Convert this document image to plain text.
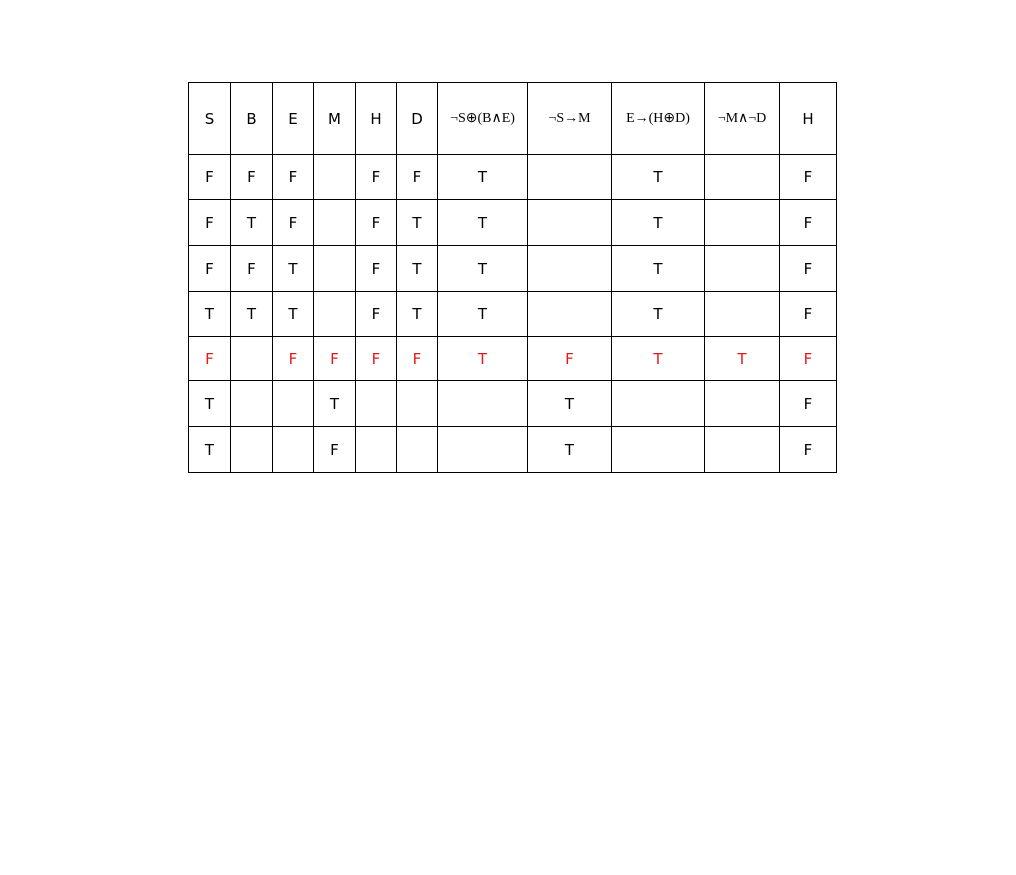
S	B	E	M	H	D	¬S⊕(B∧E)	¬S→M	E→(H⊕D)	¬M∧¬D	H
F	F	F		F	F	T		T		F
F	T	F		F	T	T		T		F
F	F	T		F	T	T		T		F
T	T	T		F	T	T		T		F
F		F	F	F	F	T	F	T	T	F
T			T				T			F
T			F				T			F
